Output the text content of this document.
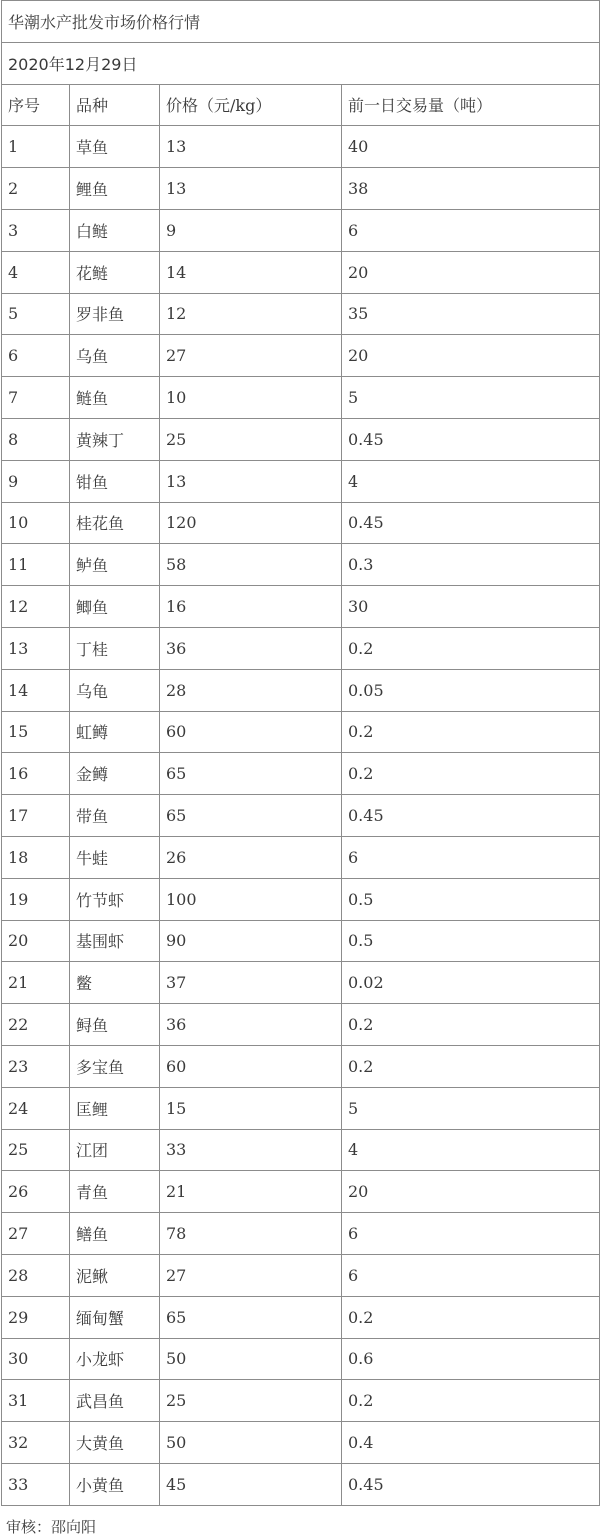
华潮水产批发市场价格行情			
2020年12月29日			
序号	品种	价格（元/kg）	前一日交易量（吨）
1	草鱼	13	40
2	鲤鱼	13	38
3	白鲢	9	6
4	花鲢	14	20
5	罗非鱼	12	35
6	乌鱼	27	20
7	鲢鱼	10	5
8	黄辣丁	25	0.45
9	钳鱼	13	4
10	桂花鱼	120	0.45
11	鲈鱼	58	0.3
12	鲫鱼	16	30
13	丁桂	36	0.2
14	乌龟	28	0.05
15	虹鳟	60	0.2
16	金鳟	65	0.2
17	带鱼	65	0.45
18	牛蛙	26	6
19	竹节虾	100	0.5
20	基围虾	90	0.5
21	鳖	37	0.02
22	鲟鱼	36	0.2
23	多宝鱼	60	0.2
24	匡鲤	15	5
25	江团	33	4
26	青鱼	21	20
27	鳝鱼	78	6
28	泥鳅	27	6
29	缅甸蟹	65	0.2
30	小龙虾	50	0.6
31	武昌鱼	25	0.2
32	大黄鱼	50	0.4
33	小黄鱼	45	0.45
审核：邵向阳
